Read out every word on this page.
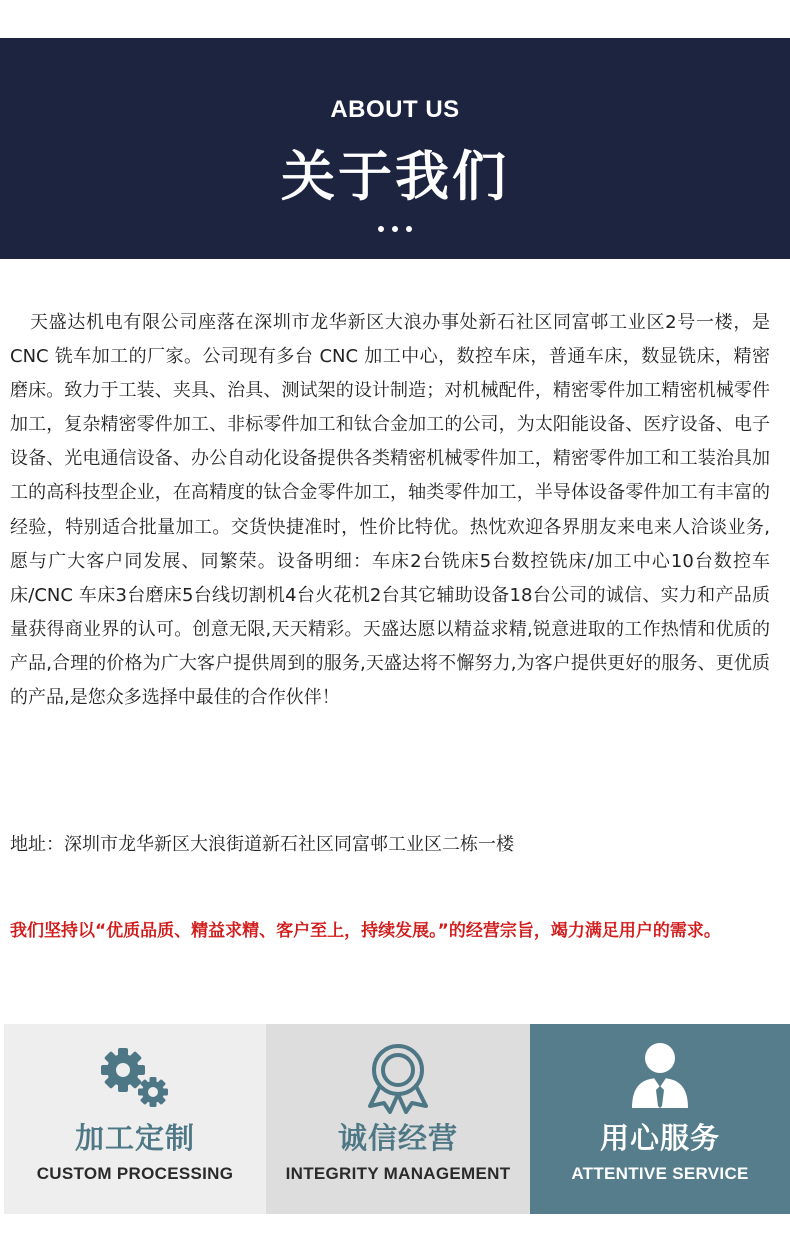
ABOUT US
关于我们

天盛达机电有限公司座落在深圳市龙华新区大浪办事处新石社区同富邨工业区2号一楼，是 CNC 铣车加工的厂家。公司现有多台 CNC 加工中心，数控车床，普通车床，数显铣床，精密磨床。致力于工装、夹具、治具、测试架的设计制造；对机械配件，精密零件加工精密机械零件加工，复杂精密零件加工、非标零件加工和钛合金加工的公司，为太阳能设备、医疗设备、电子设备、光电通信设备、办公自动化设备提供各类精密机械零件加工，精密零件加工和工装治具加工的高科技型企业，在高精度的钛合金零件加工，轴类零件加工，半导体设备零件加工有丰富的经验，特别适合批量加工。交货快捷准时，性价比特优。热忱欢迎各界朋友来电来人洽谈业务,愿与广大客户同发展、同繁荣。设备明细：车床2台铣床5台数控铣床/加工中心10台数控车床/CNC 车床3台磨床5台线切割机4台火花机2台其它辅助设备18台公司的诚信、实力和产品质量获得商业界的认可。创意无限,天天精彩。天盛达愿以精益求精,锐意进取的工作热情和优质的产品,合理的价格为广大客户提供周到的服务,天盛达将不懈努力,为客户提供更好的服务、更优质的产品,是您众多选择中最佳的合作伙伴！

地址：深圳市龙华新区大浪街道新石社区同富邨工业区二栋一楼

我们坚持以“优质品质、精益求精、客户至上，持续发展。”的经营宗旨，竭力满足用户的需求。

加工定制
CUSTOM PROCESSING
诚信经营
INTEGRITY MANAGEMENT
用心服务
ATTENTIVE SERVICE
